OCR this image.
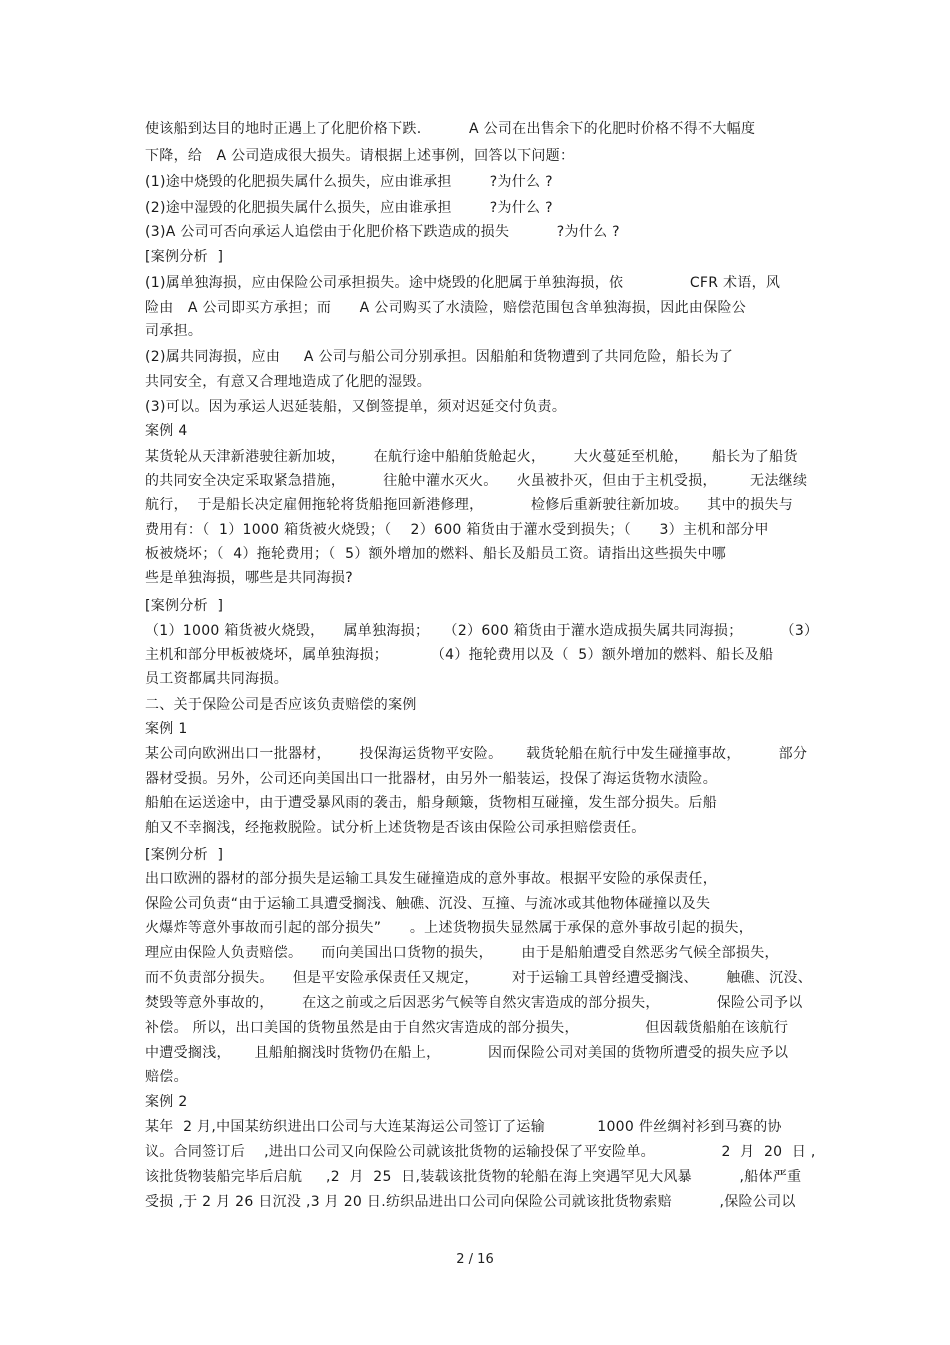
2 / 16
使该船到达目的地时正遇上了化肥价格下跌.          A 公司在出售余下的化肥时价格不得不大幅度
下降，给   A 公司造成很大损失。请根据上述事例，回答以下问题：
(1)途中烧毁的化肥损失属什么损失，应由谁承担        ?为什么 ?
(2)途中湿毁的化肥损失属什么损失，应由谁承担        ?为什么 ?
(3)A 公司可否向承运人追偿由于化肥价格下跌造成的损失          ?为什么 ?
[案例分析  ]
(1)属单独海损，应由保险公司承担损失。途中烧毁的化肥属于单独海损，依              CFR 术语，风
险由   A 公司即买方承担；而      A 公司购买了水渍险，赔偿范围包含单独海损，因此由保险公
司承担。
(2)属共同海损，应由     A 公司与船公司分别承担。因船舶和货物遭到了共同危险，船长为了
共同安全，有意又合理地造成了化肥的湿毁。
(3)可以。因为承运人迟延装船，又倒签提单，须对迟延交付负责。
案例 4
某货轮从天津新港驶往新加坡，      在航行途中船舶货舱起火，      大火蔓延至机舱，     船长为了船货
的共同安全决定采取紧急措施，        往舱中灌水灭火。    火虽被扑灭，但由于主机受损，       无法继续
航行，  于是船长决定雇佣拖轮将货船拖回新港修理，          检修后重新驶往新加坡。    其中的损失与
费用有：（  1）1000 箱货被火烧毁；（    2）600 箱货由于灌水受到损失；（      3）主机和部分甲
板被烧坏；（  4）拖轮费用；（  5）额外增加的燃料、船长及船员工资。请指出这些损失中哪
些是单独海损，哪些是共同海损?
[案例分析  ]
（1）1000 箱货被火烧毁，    属单独海损；   （2）600 箱货由于灌水造成损失属共同海损；        （3）
主机和部分甲板被烧坏，属单独海损；         （4）拖轮费用以及（  5）额外增加的燃料、船长及船
员工资都属共同海损。
二、关于保险公司是否应该负责赔偿的案例
案例 1
某公司向欧洲出口一批器材，      投保海运货物平安险。     载货轮船在航行中发生碰撞事故，        部分
器材受损。另外，公司还向美国出口一批器材，由另外一船装运，投保了海运货物水渍险。
船舶在运送途中，由于遭受暴风雨的袭击，船身颠簸，货物相互碰撞，发生部分损失。后船
舶又不幸搁浅，经拖救脱险。试分析上述货物是否该由保险公司承担赔偿责任。
[案例分析  ]
出口欧洲的器材的部分损失是运输工具发生碰撞造成的意外事故。根据平安险的承保责任，
保险公司负责“由于运输工具遭受搁浅、触礁、沉没、互撞、与流冰或其他物体碰撞以及失
火爆炸等意外事故而引起的部分损失”      。上述货物损失显然属于承保的意外事故引起的损失，
理应由保险人负责赔偿。    而向美国出口货物的损失，      由于是船舶遭受自然恶劣气候全部损失，
而不负责部分损失。    但是平安险承保责任又规定，       对于运输工具曾经遭受搁浅、      触礁、沉没、
焚毁等意外事故的，      在这之前或之后因恶劣气候等自然灾害造成的部分损失，            保险公司予以
补偿。 所以，出口美国的货物虽然是由于自然灾害造成的部分损失，              但因载货船舶在该航行
中遭受搁浅，     且船舶搁浅时货物仍在船上，          因而保险公司对美国的货物所遭受的损失应予以
赔偿。
案例 2
某年  2 月,中国某纺织进出口公司与大连某海运公司签订了运输           1000 件丝绸衬衫到马赛的协
议。合同签订后    ,进出口公司又向保险公司就该批货物的运输投保了平安险单。              2  月  20  日 ,
该批货物装船完毕后启航     ,2  月  25  日,装载该批货物的轮船在海上突遇罕见大风暴          ,船体严重
受损 ,于 2 月 26 日沉没 ,3 月 20 日.纺织品进出口公司向保险公司就该批货物索赔          ,保险公司以
